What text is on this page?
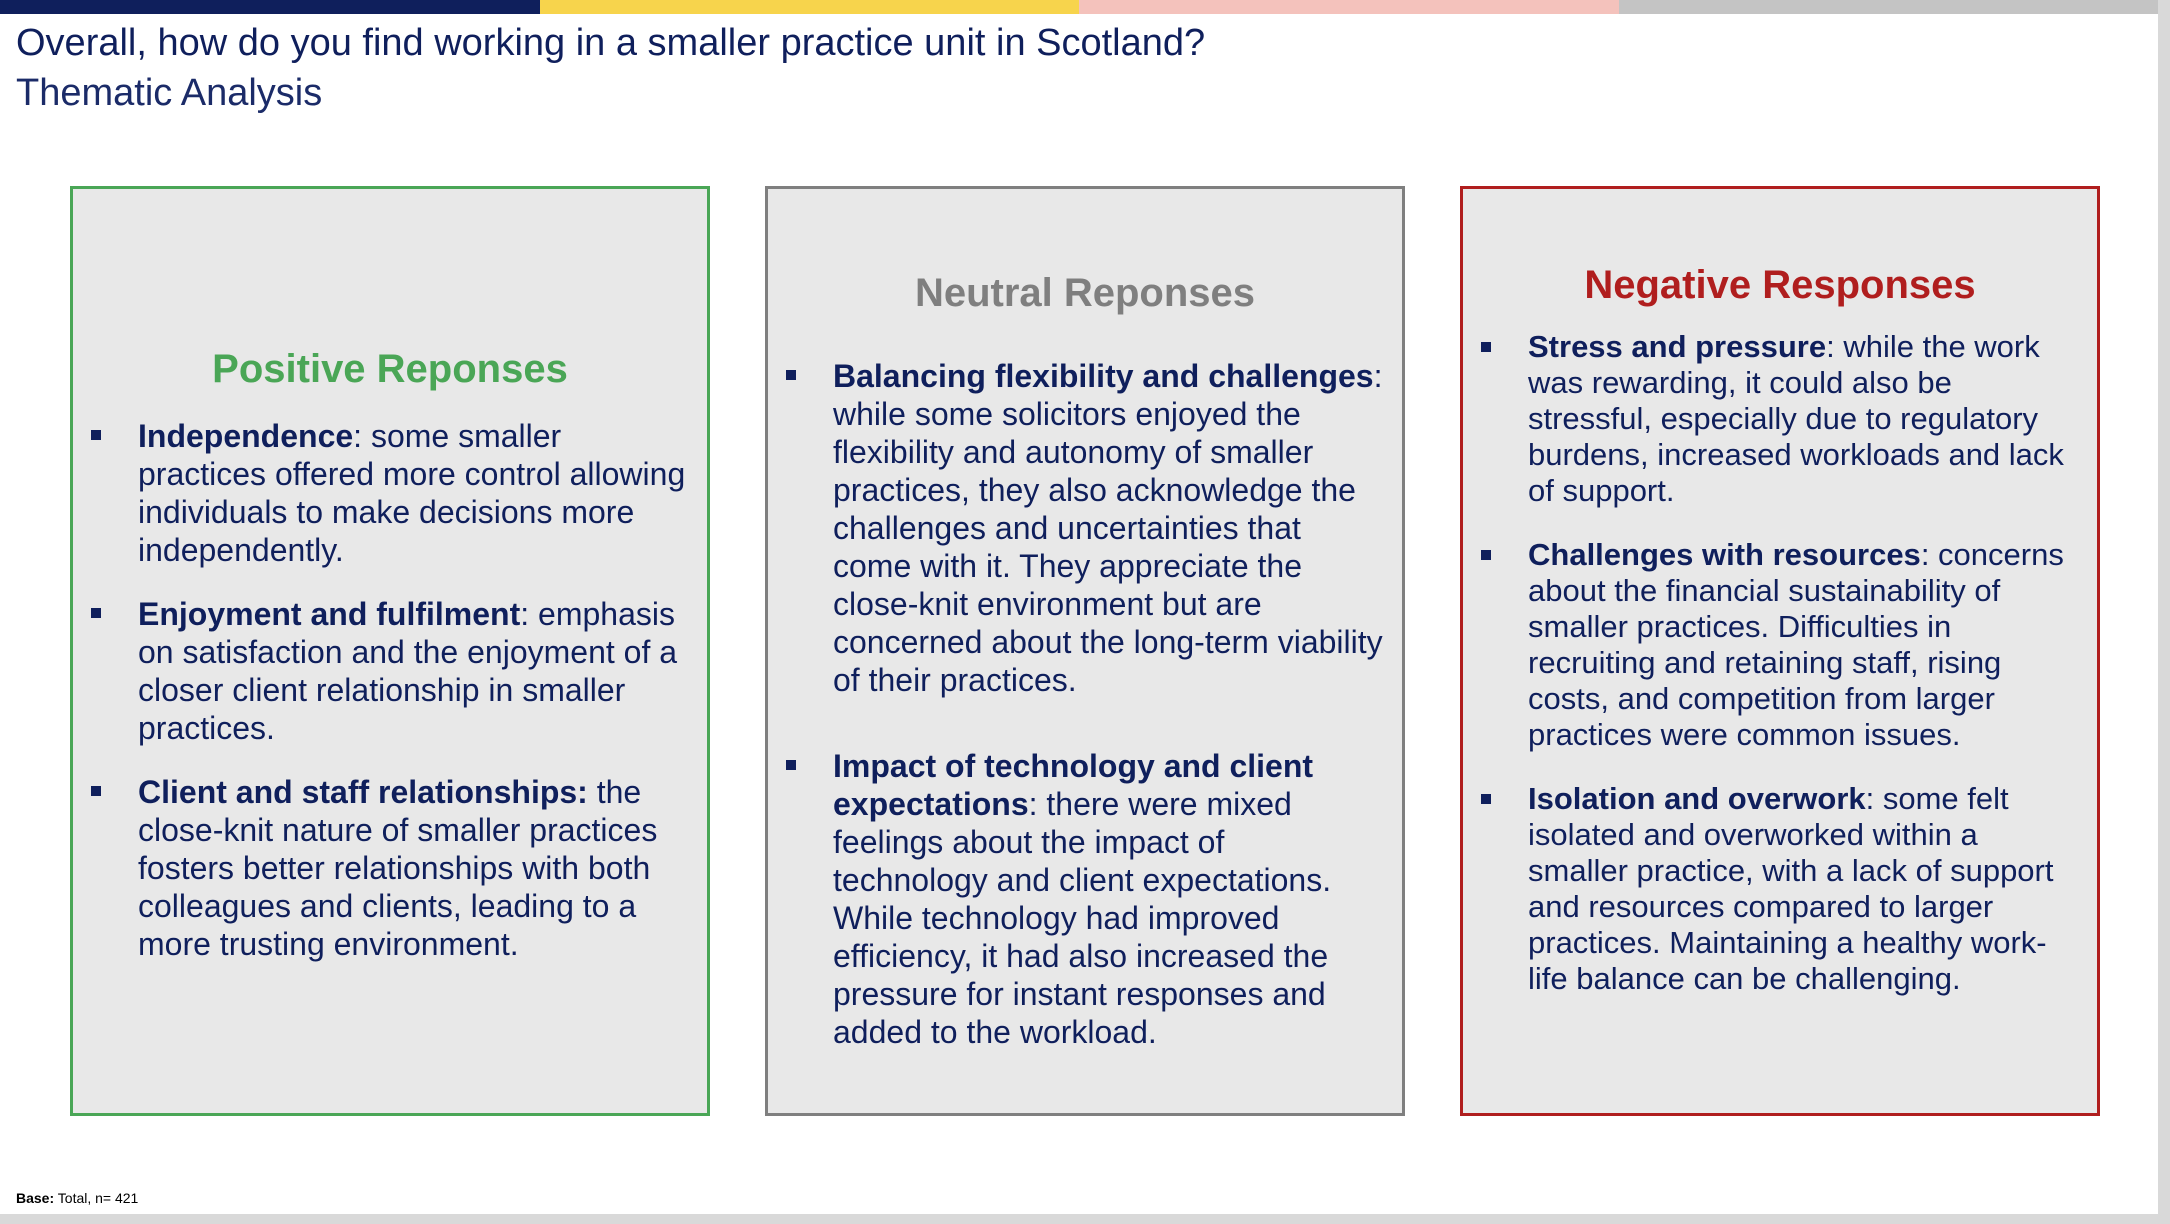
Overall, how do you find working in a smaller practice unit in Scotland?
Thematic Analysis
Positive Reponses
Independence: some smaller practices offered more control allowing individuals to make decisions more independently.
Enjoyment and fulfilment: emphasis on satisfaction and the enjoyment of a closer client relationship in smaller practices.
Client and staff relationships: the close-knit nature of smaller practices fosters better relationships with both colleagues and clients, leading to a more trusting environment.
Neutral Reponses
Balancing flexibility and challenges: while some solicitors enjoyed the flexibility and autonomy of smaller practices, they also acknowledge the challenges and uncertainties that come with it. They appreciate the close-knit environment but are concerned about the long-term viability of their practices.
Impact of technology and client expectations: there were mixed feelings about the impact of technology and client expectations. While technology had improved efficiency, it had also increased the pressure for instant responses and added to the workload.
Negative Responses
Stress and pressure: while the work was rewarding, it could also be stressful, especially due to regulatory burdens, increased workloads and lack of support.
Challenges with resources: concerns about the financial sustainability of smaller practices. Difficulties in recruiting and retaining staff, rising costs, and competition from larger practices were common issues.
Isolation and overwork: some felt isolated and overworked within a smaller practice, with a lack of support and resources compared to larger practices. Maintaining a healthy work-life balance can be challenging.
Base: Total, n= 421
